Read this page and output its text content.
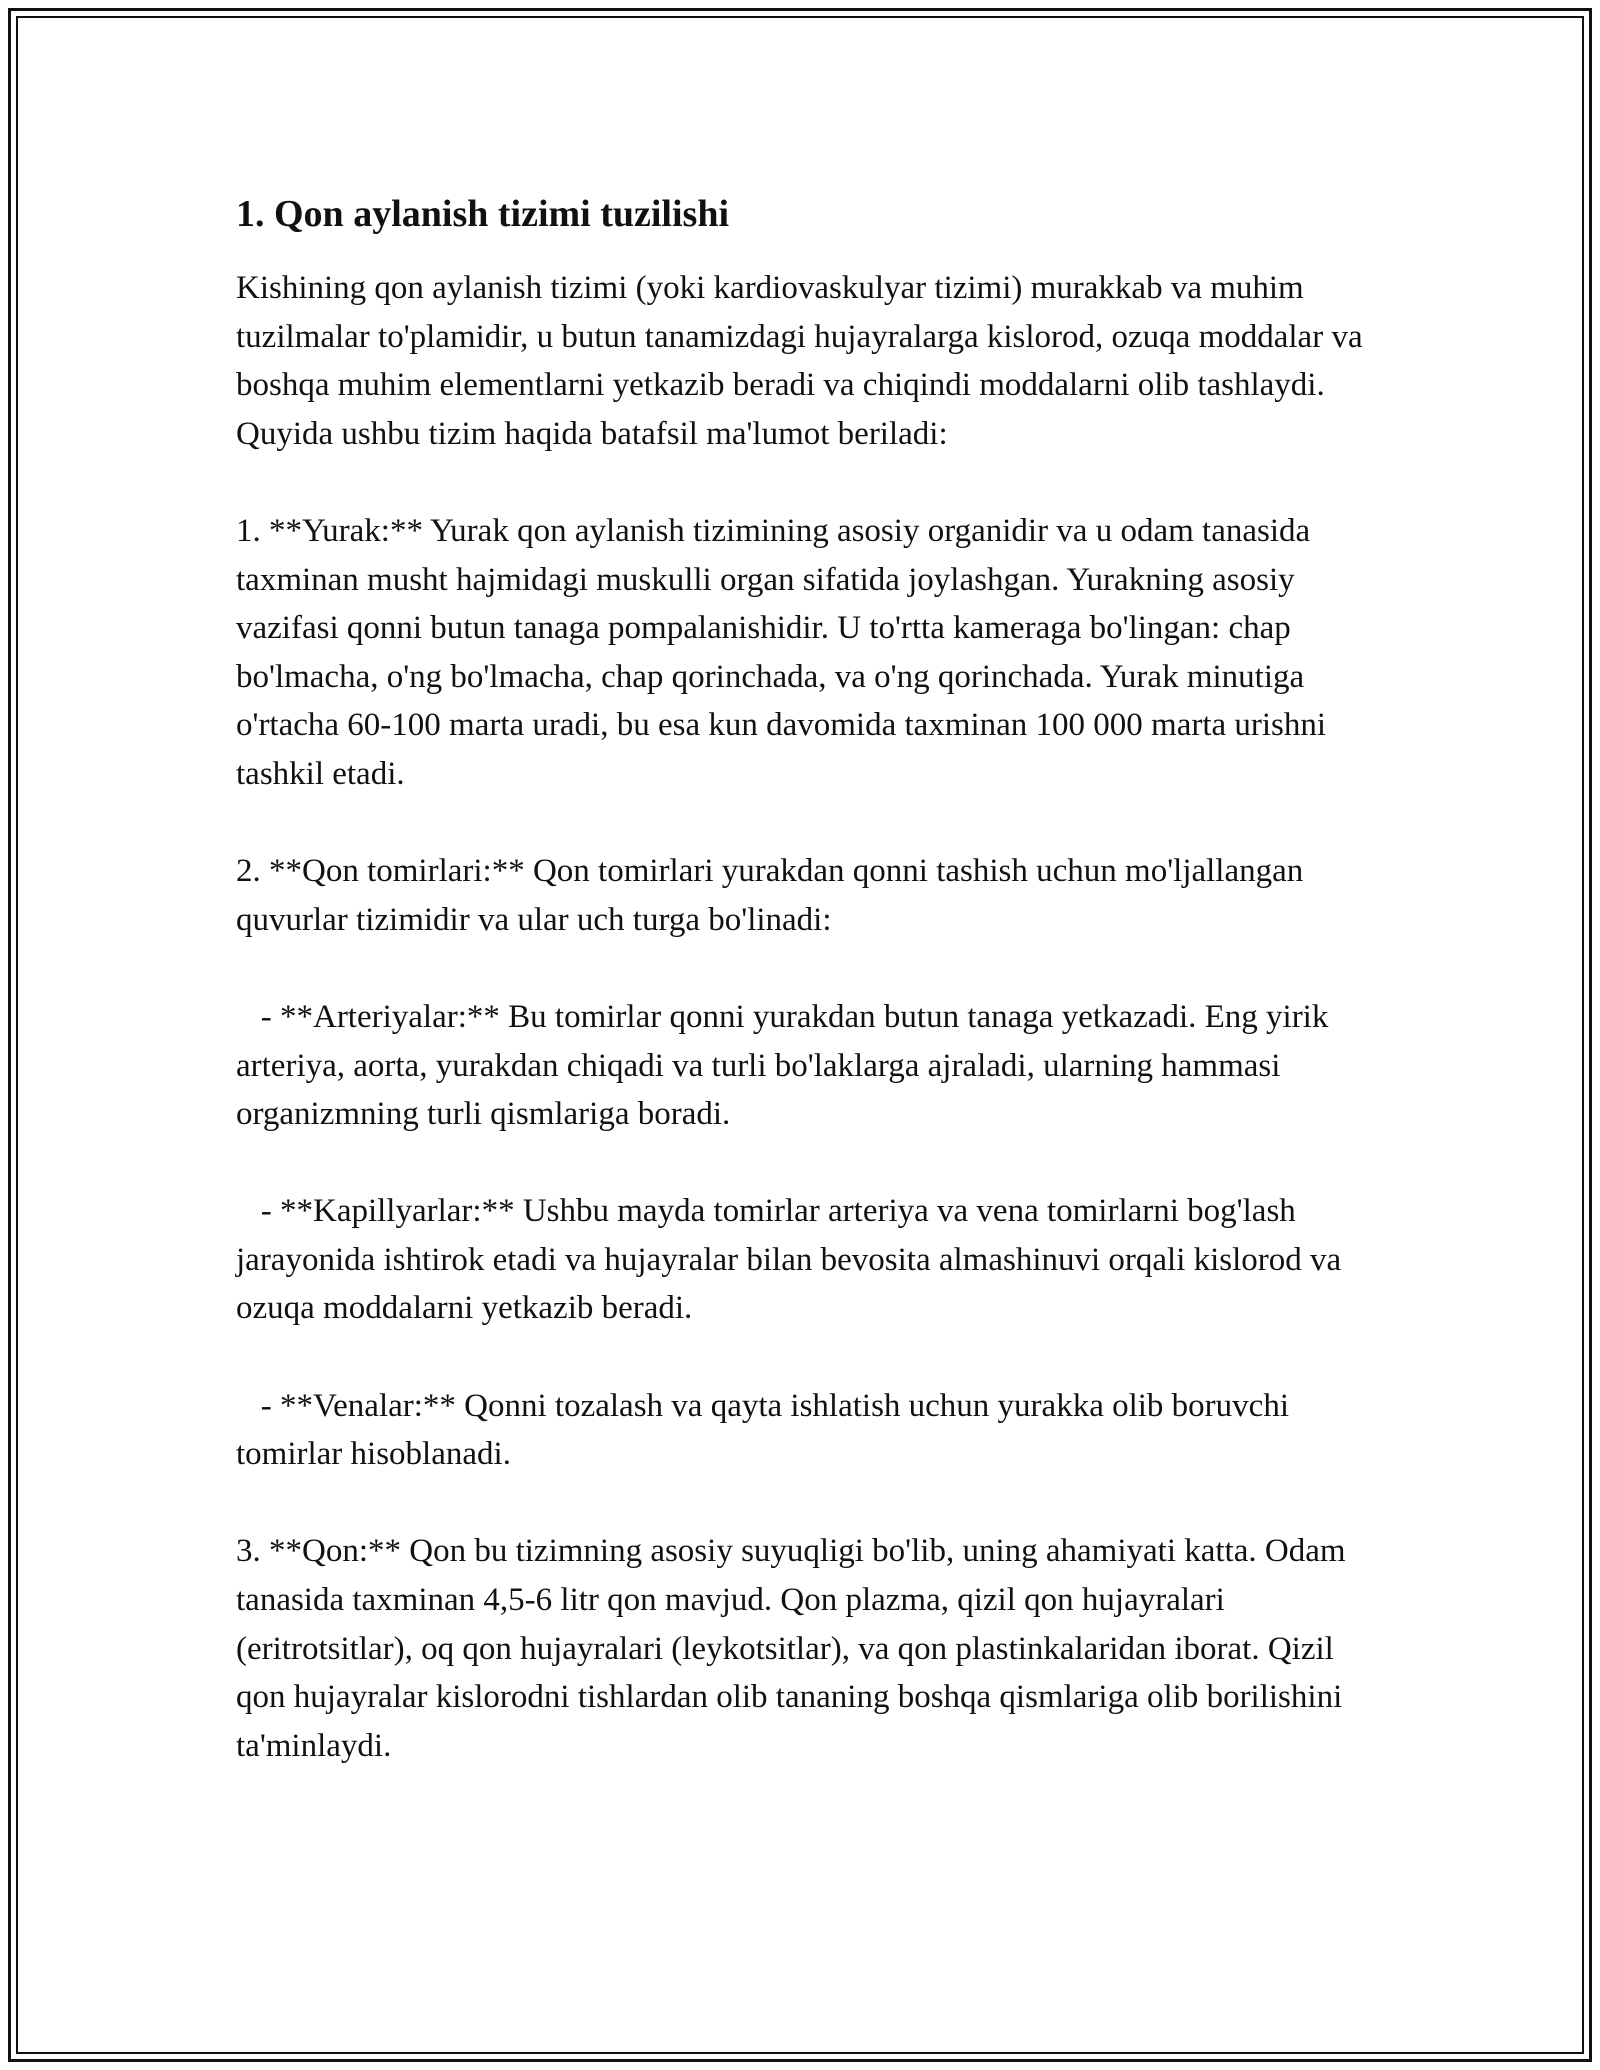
1. Qon aylanish tizimi tuzilishi

Kishining qon aylanish tizimi (yoki kardiovaskulyar tizimi) murakkab va muhim tuzilmalar to'plamidir, u butun tanamizdagi hujayralarga kislorod, ozuqa moddalar va boshqa muhim elementlarni yetkazib beradi va chiqindi moddalarni olib tashlaydi. Quyida ushbu tizim haqida batafsil ma'lumot beriladi:

1. **Yurak:** Yurak qon aylanish tizimining asosiy organidir va u odam tanasida taxminan musht hajmidagi muskulli organ sifatida joylashgan. Yurakning asosiy vazifasi qonni butun tanaga pompalanishidir. U to'rtta kameraga bo'lingan: chap bo'lmacha, o'ng bo'lmacha, chap qorinchada, va o'ng qorinchada. Yurak minutiga o'rtacha 60-100 marta uradi, bu esa kun davomida taxminan 100 000 marta urishni tashkil etadi.

2. **Qon tomirlari:** Qon tomirlari yurakdan qonni tashish uchun mo'ljallangan quvurlar tizimidir va ular uch turga bo'linadi:

- **Arteriyalar:** Bu tomirlar qonni yurakdan butun tanaga yetkazadi. Eng yirik arteriya, aorta, yurakdan chiqadi va turli bo'laklarga ajraladi, ularning hammasi organizmning turli qismlariga boradi.

- **Kapillyarlar:** Ushbu mayda tomirlar arteriya va vena tomirlarni bog'lash jarayonida ishtirok etadi va hujayralar bilan bevosita almashinuvi orqali kislorod va ozuqa moddalarni yetkazib beradi.

- **Venalar:** Qonni tozalash va qayta ishlatish uchun yurakka olib boruvchi tomirlar hisoblanadi.

3. **Qon:** Qon bu tizimning asosiy suyuqligi bo'lib, uning ahamiyati katta. Odam tanasida taxminan 4,5-6 litr qon mavjud. Qon plazma, qizil qon hujayralari (eritrotsitlar), oq qon hujayralari (leykotsitlar), va qon plastinkalaridan iborat. Qizil qon hujayralar kislorodni tishlardan olib tananing boshqa qismlariga olib borilishini ta'minlaydi.
